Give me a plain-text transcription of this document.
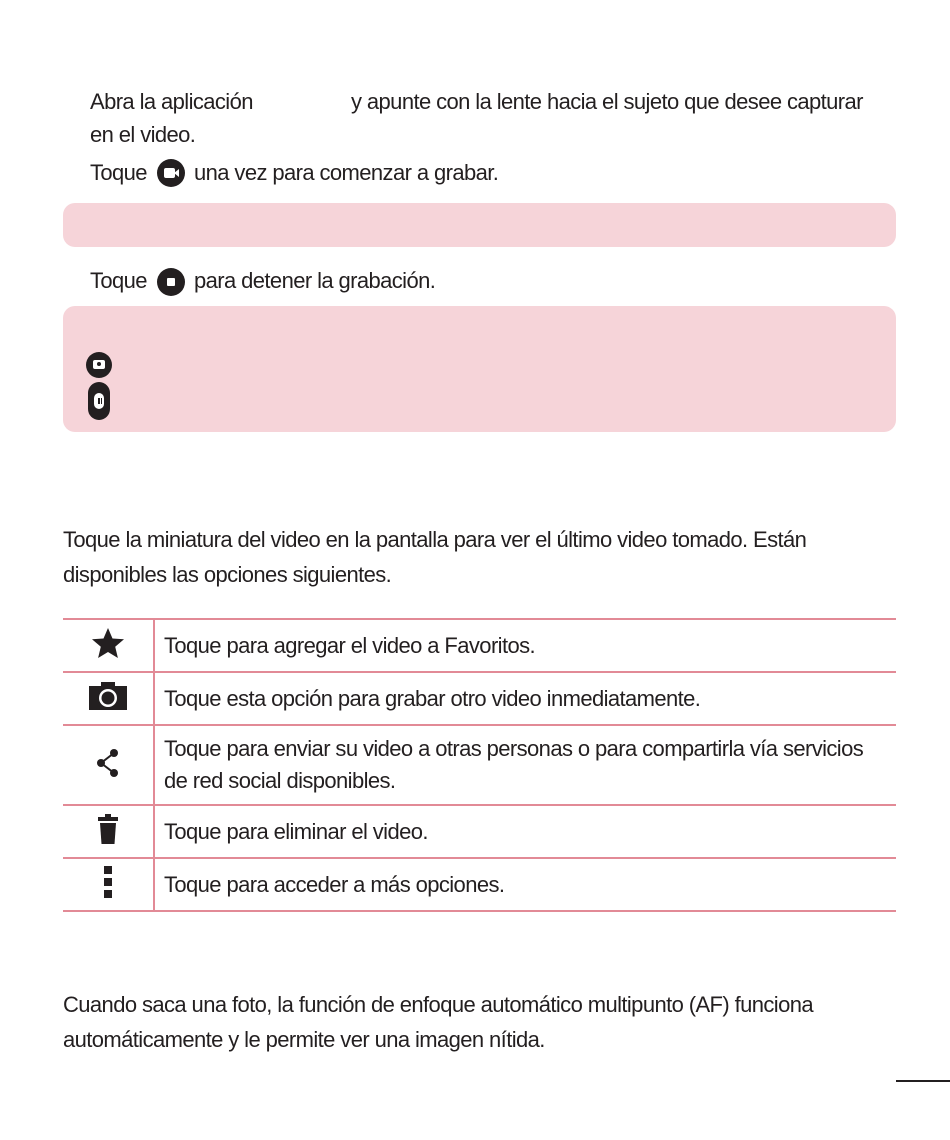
Abra la aplicación	y apunte con la lente hacia el sujeto que desee capturar
en el video.
Toque una vez para comenzar a grabar.
Toque para detener la grabación.
Toque la miniatura del video en la pantalla para ver el último video tomado. Están
disponibles las opciones siguientes.
	Toque para agregar el video a Favoritos.
	Toque esta opción para grabar otro video inmediatamente.

Toque para enviar su video a otras personas o para compartirla vía servicios
de red social disponibles.

	Toque para eliminar el video.
	Toque para acceder a más opciones.
Cuando saca una foto, la función de enfoque automático multipunto (AF) funciona
automáticamente y le permite ver una imagen nítida.
